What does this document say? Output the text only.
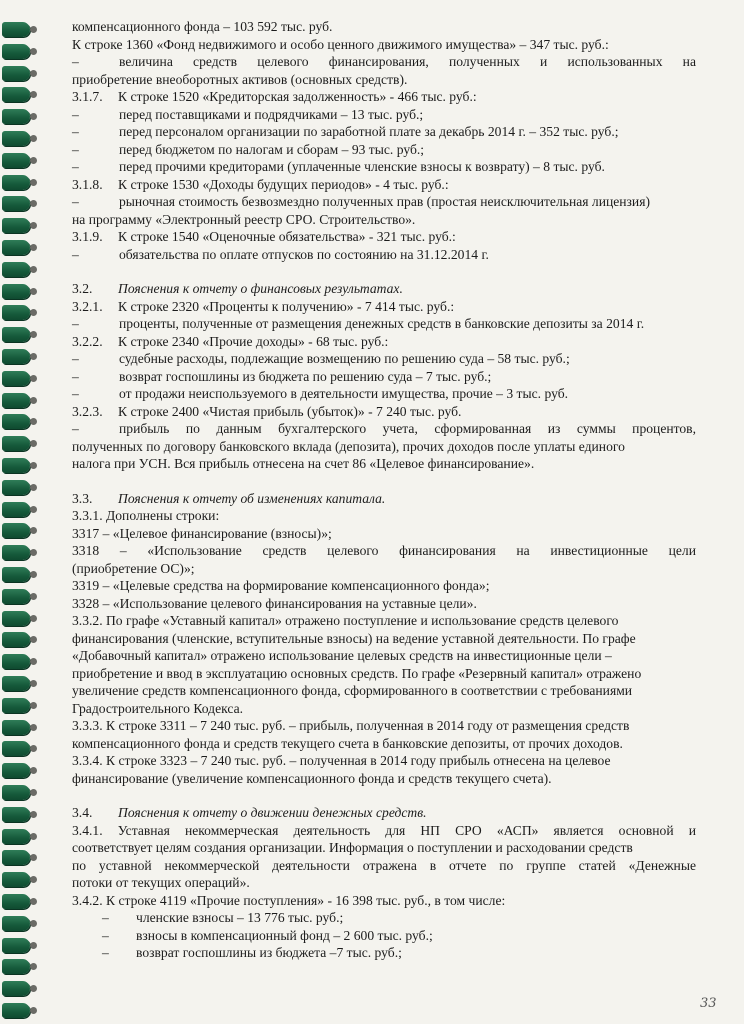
компенсационного фонда – 103 592 тыс. руб.
К строке 1360 «Фонд недвижимого и особо ценного движимого имущества» – 347 тыс. руб.:
–	величина средств целевого финансирования, полученных и использованных на
приобретение внеоборотных активов (основных средств).
3.1.7. К строке 1520 «Кредиторская задолженность» - 466 тыс. руб.:
–	перед поставщиками и подрядчиками – 13 тыс. руб.;
–	перед персоналом организации по заработной плате за декабрь 2014 г. – 352 тыс. руб.;
–	перед бюджетом по налогам и сборам – 93 тыс. руб.;
–	перед прочими кредиторами (уплаченные членские взносы к возврату) – 8 тыс. руб.
3.1.8. К строке 1530 «Доходы будущих периодов» - 4 тыс. руб.:
–	рыночная стоимость безвозмездно полученных прав (простая неисключительная лицензия)
на программу «Электронный реестр СРО. Строительство».
3.1.9. К строке 1540 «Оценочные обязательства» - 321 тыс. руб.:
–	обязательства по оплате отпусков по состоянию на 31.12.2014 г.
3.2. Пояснения к отчету о финансовых результатах.
3.2.1. К строке 2320 «Проценты к получению» - 7 414 тыс. руб.:
–	проценты, полученные от размещения денежных средств в банковские депозиты за 2014 г.
3.2.2. К строке 2340 «Прочие доходы» - 68 тыс. руб.:
–	судебные расходы, подлежащие возмещению по решению суда – 58 тыс. руб.;
–	возврат госпошлины из бюджета по решению суда – 7 тыс. руб.;
–	от продажи неиспользуемого в деятельности имущества, прочие – 3 тыс. руб.
3.2.3. К строке 2400 «Чистая прибыль (убыток)» - 7 240 тыс. руб.
–	прибыль по данным бухгалтерского учета, сформированная из суммы процентов,
полученных по договору банковского вклада (депозита), прочих доходов после уплаты единого
налога при УСН. Вся прибыль отнесена на счет 86 «Целевое финансирование».
3.3. Пояснения к отчету об изменениях капитала.
3.3.1. Дополнены строки:
3317 – «Целевое финансирование (взносы)»;
3318 – «Использование средств целевого финансирования на инвестиционные цели
(приобретение ОС)»;
3319 – «Целевые средства на формирование компенсационного фонда»;
3328 – «Использование целевого финансирования на уставные цели».
3.3.2. По графе «Уставный капитал» отражено поступление и использование средств целевого
финансирования (членские, вступительные взносы) на ведение уставной деятельности. По графе
«Добавочный капитал» отражено использование целевых средств на инвестиционные цели –
приобретение и ввод в эксплуатацию основных средств. По графе «Резервный капитал» отражено
увеличение средств компенсационного фонда, сформированного в соответствии с требованиями
Градостроительного Кодекса.
3.3.3. К строке 3311 – 7 240 тыс. руб. – прибыль, полученная в 2014 году от размещения средств
компенсационного фонда и средств текущего счета в банковские депозиты, от прочих доходов.
3.3.4. К строке 3323 – 7 240 тыс. руб. – полученная в 2014 году прибыль отнесена на целевое
финансирование (увеличение компенсационного фонда и средств текущего счета).
3.4. Пояснения к отчету о движении денежных средств.
3.4.1. Уставная некоммерческая деятельность для НП СРО «АСП» является основной и
соответствует целям создания организации. Информация о поступлении и расходовании средств
по уставной некоммерческой деятельности отражена в отчете по группе статей «Денежные
потоки от текущих операций».
3.4.2. К строке 4119 «Прочие поступления» - 16 398 тыс. руб., в том числе:
– членские взносы – 13 776 тыс. руб.;
– взносы в компенсационный фонд – 2 600 тыс. руб.;
– возврат госпошлины из бюджета –7 тыс. руб.;
33
